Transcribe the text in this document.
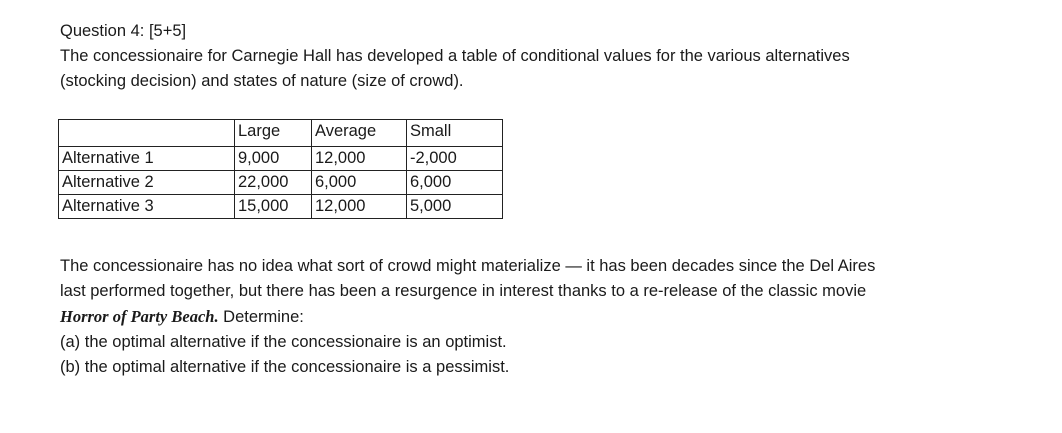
Question 4: [5+5]
The concessionaire for Carnegie Hall has developed a table of conditional values for the various alternatives
(stocking decision) and states of nature (size of crowd).
	Large	Average	Small
Alternative 1	9,000	12,000	-2,000
Alternative 2	22,000	6,000	6,000
Alternative 3	15,000	12,000	5,000
The concessionaire has no idea what sort of crowd might materialize — it has been decades since the Del Aires
last performed together, but there has been a resurgence in interest thanks to a re-release of the classic movie
Horror of Party Beach. Determine:
(a) the optimal alternative if the concessionaire is an optimist.
(b) the optimal alternative if the concessionaire is a pessimist.
